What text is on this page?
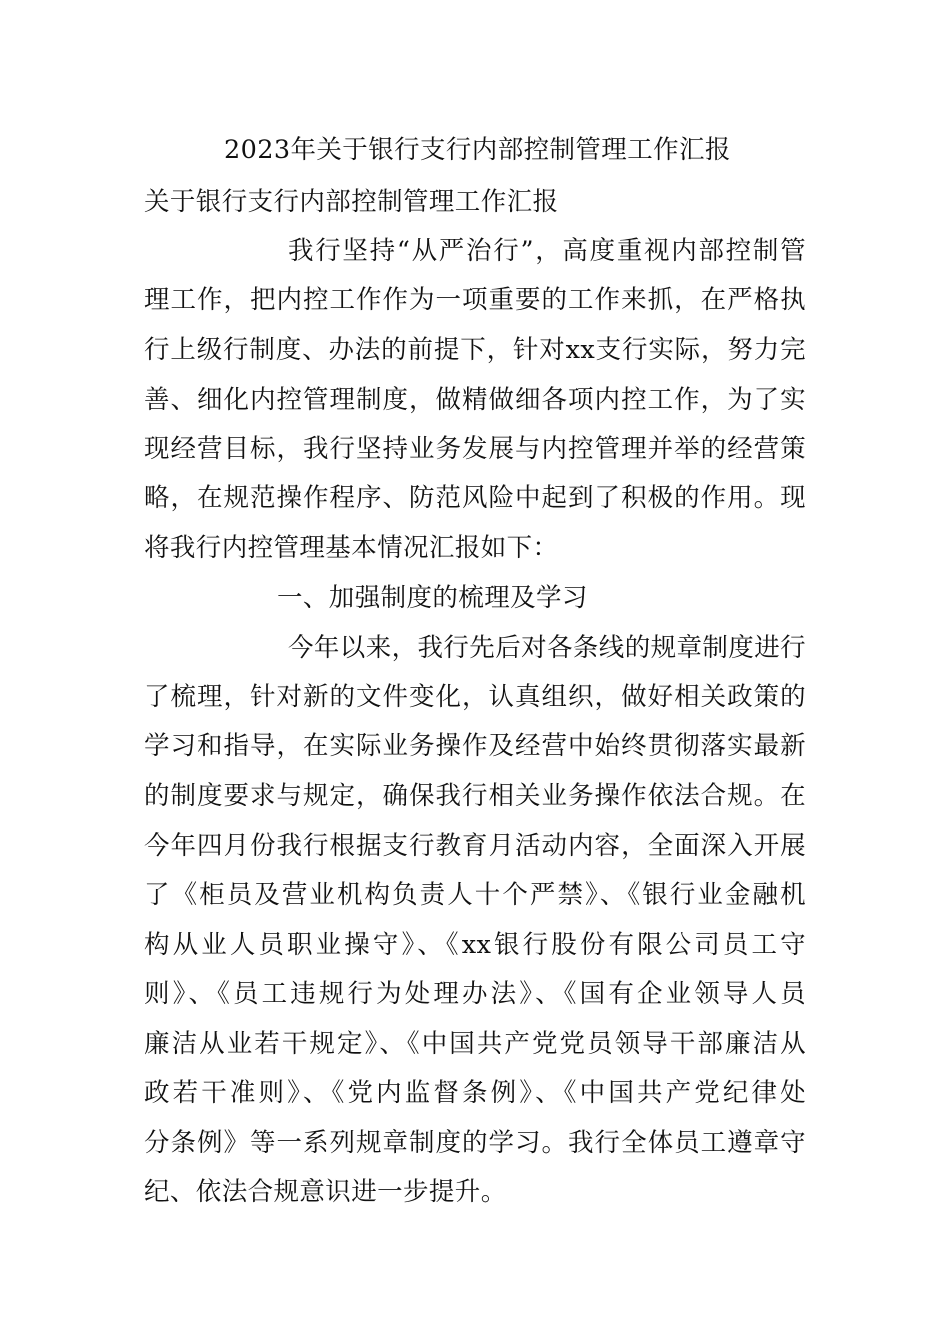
2023年关于银行支行内部控制管理工作汇报
关于银行支行内部控制管理工作汇报
我行坚持“从严治行”，高度重视内部控制管
理工作，把内控工作作为一项重要的工作来抓，在严格执
行上级行制度、办法的前提下，针对xx支行实际，努力完
善、细化内控管理制度，做精做细各项内控工作，为了实
现经营目标，我行坚持业务发展与内控管理并举的经营策
略，在规范操作程序、防范风险中起到了积极的作用。现
将我行内控管理基本情况汇报如下：
一、加强制度的梳理及学习
今年以来，我行先后对各条线的规章制度进行
了梳理，针对新的文件变化，认真组织，做好相关政策的
学习和指导，在实际业务操作及经营中始终贯彻落实最新
的制度要求与规定，确保我行相关业务操作依法合规。在
今年四月份我行根据支行教育月活动内容，全面深入开展
了《柜员及营业机构负责人十个严禁》、《银行业金融机
构从业人员职业操守》、《xx银行股份有限公司员工守
则》、《员工违规行为处理办法》、《国有企业领导人员
廉洁从业若干规定》、《中国共产党党员领导干部廉洁从
政若干准则》、《党内监督条例》、《中国共产党纪律处
分条例》等一系列规章制度的学习。我行全体员工遵章守
纪、依法合规意识进一步提升。
